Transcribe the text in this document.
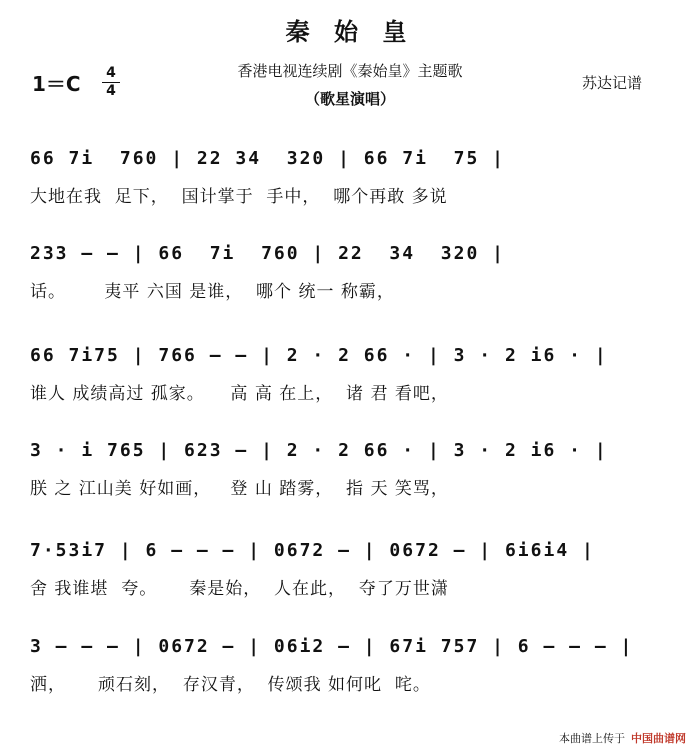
秦 始 皇
1＝C 4
4
香港电视连续剧《秦始皇》主题歌
（歌星演唱）
苏达记谱
66 7i  760 | 22 34  320 | 66 7i  75 |
大地在我  足下，  国计掌于  手中，  哪个再敢 多说
233 — — | 66  7i  760 | 22  34  320 |
话。      夷平 六国 是谁，  哪个 统一 称霸，
66 7i75 | 766 — — | 2 · 2 66 · | 3 · 2 i6 · |
谁人 成绩高过 孤家。    高 高 在上，  诸 君 看吧，
3 · i 765 | 623 — | 2 · 2 66 · | 3 · 2 i6 · |
朕 之 江山美 好如画，   登 山 踏雾，  指 天 笑骂，
7·53i7 | 6 — — — | 0672 — | 0672 — | 6i6i4 |
舍 我谁堪  夸。     秦是始，  人在此，  夺了万世潇
3 — — — | 0672 — | 06i2 — | 67i 757 | 6 — — — |
洒，     顽石刻，  存汉青，  传颂我 如何叱  咤。
本曲谱上传于 中国曲谱网
